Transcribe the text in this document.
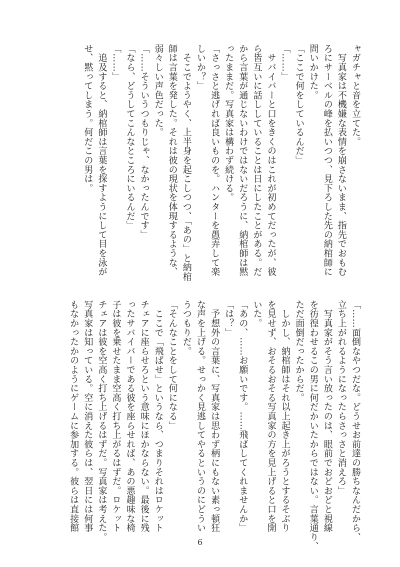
ャガチャと音を立てた。
　写真家は不機嫌な表情を崩さないまま、指先でおもむ
ろにサーベルの峰を払いつつ、見下ろした先の納棺師に
問いかけた。
「ここで何をしているんだ」
「……」
　サバイバーと口をきくのはこれが初めてだったが、彼
ら皆互いに話ししていることは日にしたことがある。だ
から言葉が通じないわけではないだろうに、納棺師は黙
ったままだ。写真家は構わず続ける。
「さっさと逃げれば良いものを。ハンターを愚弄して楽
しいか？」
　そこでようやく、上半身を起こしつつ、「あの」と納棺
師は言葉を発した。それは彼の現状を体現するような、
弱々しい声色だった。
「……そういうつもりじゃ、なかったんです」
「なら、どうしてこんなところにいるんだ」
「……」
　追及すると、納棺師は言葉を探すようにして目を泳が
せ、黙ってしまう。何だこの男は。
「……面倒なやつだな。どうせお前達の勝ちなんだから、
立ち上がれるようになったらさっさと消えろ」
　写真家がそう言い放ったのは、眼前でおどおどと視線
を彷徨わせるこの男に何だかいたからではない。言葉通り、
ただ面倒だったからだ。
　しかし、納棺師はそれ以上起き上がろうとするそぶり
を見せず、おそるおそる写真家の方を見上げると口を開
いた。
「あの、……お願いです。……飛ばしてくれませんか」
「は？」
　予想外の言葉に、写真家は思わず柄にもない素っ頓狂
な声を上げる。せっかく見逃してやるというのにどうい
うつもりだ。
「そんなことをして何になる」
　ここで「飛ばせ」というなら、つまりそれはロケット
チェアに座らせろという意味にほかならない。最後に残
ったサバイバーである彼を座らせれば、あの悪趣味な椅
子は彼を乗せたまま空高く打ち上がるはずだ。ロケット
チェアは彼を空高く打ち上げるはずだ。写真家は考えた。
写真家は知っている。空に消えた彼らは、翌日には何事
もなかったかのようにゲームに参加する。彼らは直接館
6
